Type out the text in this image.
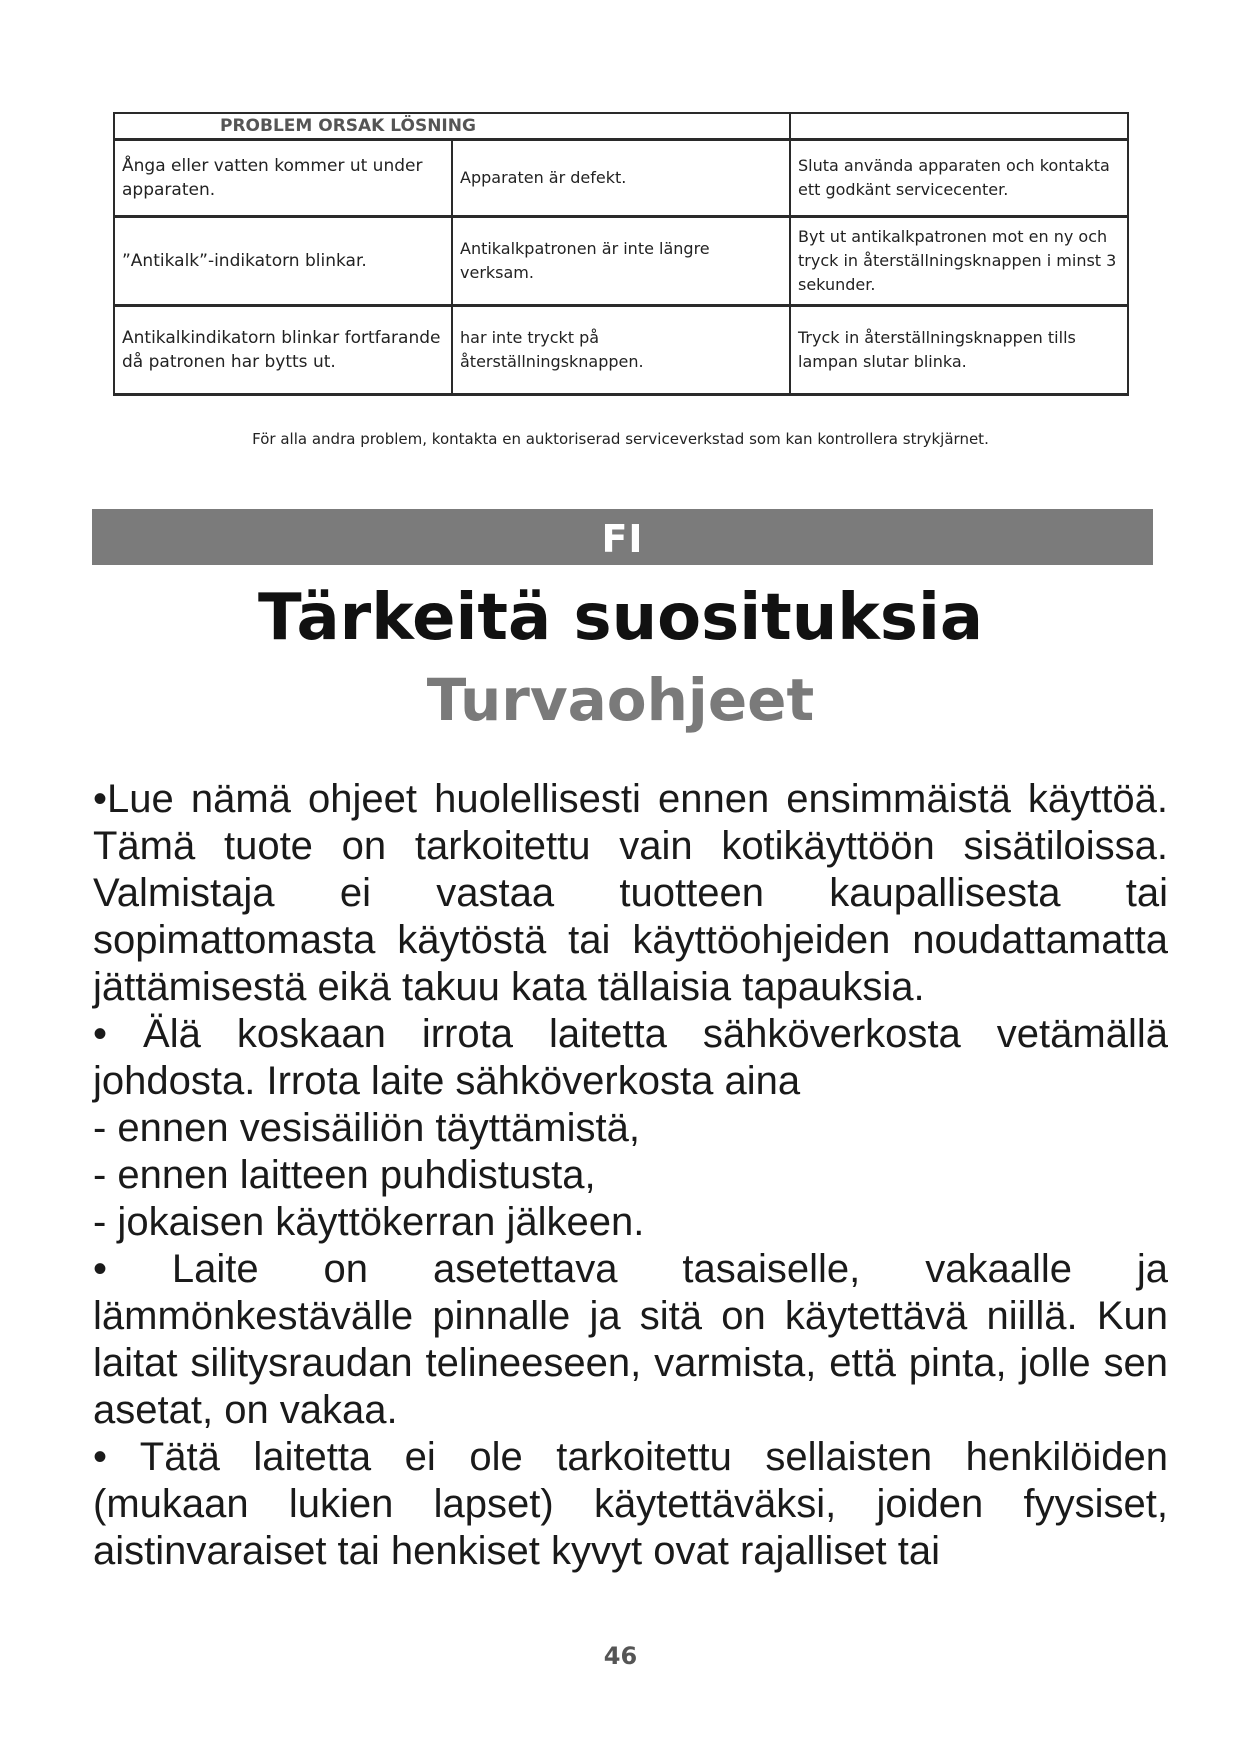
PROBLEM ORSAK LÖSNING		
Ånga eller vatten kommer ut under apparaten.	Apparaten är defekt.	Sluta använda apparaten och kontakta ett godkänt servicecenter.
”Antikalk”-indikatorn blinkar.	Antikalkpatronen är inte längre verksam.	Byt ut antikalkpatronen mot en ny och tryck in återställningsknappen i minst 3 sekunder.
Antikalkindikatorn blinkar fortfarande då patronen har bytts ut.	har inte tryckt på återställningsknappen.	Tryck in återställningsknappen tills lampan slutar blinka.
För alla andra problem, kontakta en auktoriserad serviceverkstad som kan kontrollera strykjärnet.
FI
Tärkeitä suosituksia
Turvaohjeet

•Lue nämä ohjeet huolellisesti ennen ensimmäistä käyttöä. Tämä tuote on tarkoitettu vain kotikäyttöön sisätiloissa. Valmistaja ei vastaa tuotteen kaupallisesta tai sopimattomasta käytöstä tai käyttöohjeiden noudattamatta jättämisestä eikä takuu kata tällaisia tapauksia.

• Älä koskaan irrota laitetta sähköverkosta vetämällä johdosta. Irrota laite sähköverkosta aina

- ennen vesisäiliön täyttämistä,

- ennen laitteen puhdistusta,

- jokaisen käyttökerran jälkeen.

• Laite on asetettava tasaiselle, vakaalle ja lämmönkestävälle pinnalle ja sitä on käytettävä niillä. Kun laitat silitysraudan telineeseen, varmista, että pinta, jolle sen asetat, on vakaa.

• Tätä laitetta ei ole tarkoitettu sellaisten henkilöiden (mukaan lukien lapset) käytettäväksi, joiden fyysiset, aistinvaraiset tai henkiset kyvyt ovat rajalliset tai

46
